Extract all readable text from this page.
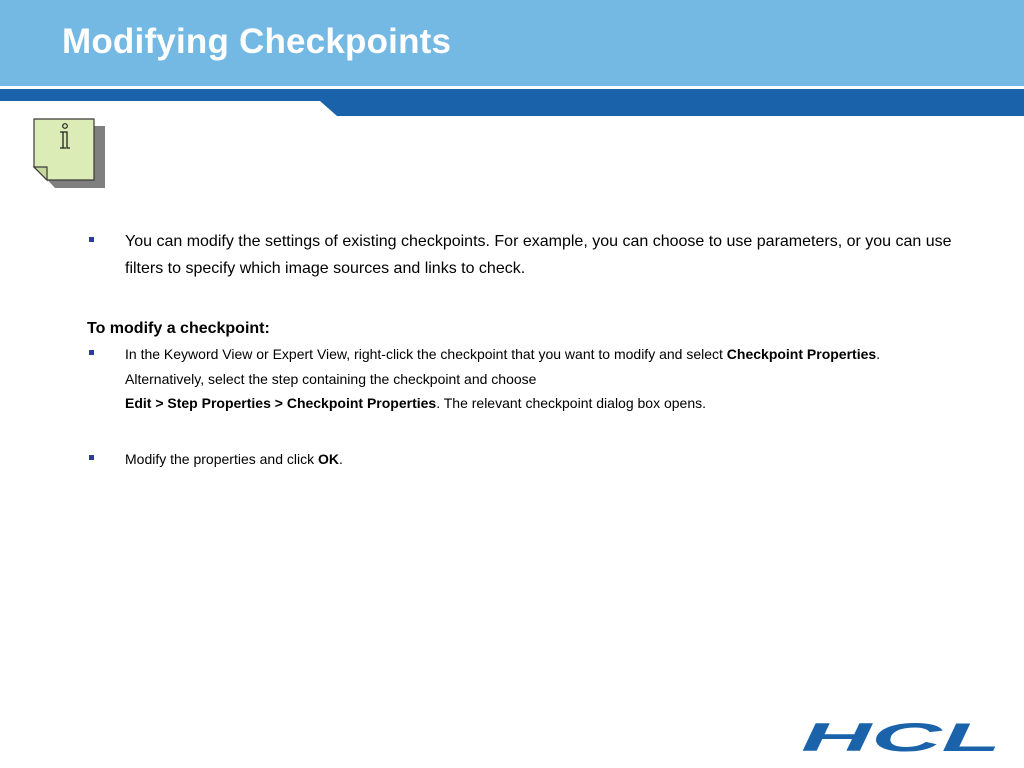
Modifying Checkpoints
You can modify the settings of existing checkpoints. For example, you can choose to use parameters, or you can use filters to specify which image sources and links to check.

To modify a checkpoint:

In the Keyword View or Expert View, right-click the checkpoint that you want to modify and select Checkpoint Properties. Alternatively, select the step containing the checkpoint and choose
Edit > Step Properties > Checkpoint Properties. The relevant checkpoint dialog box opens.
Modify the properties and click OK.
HCL
